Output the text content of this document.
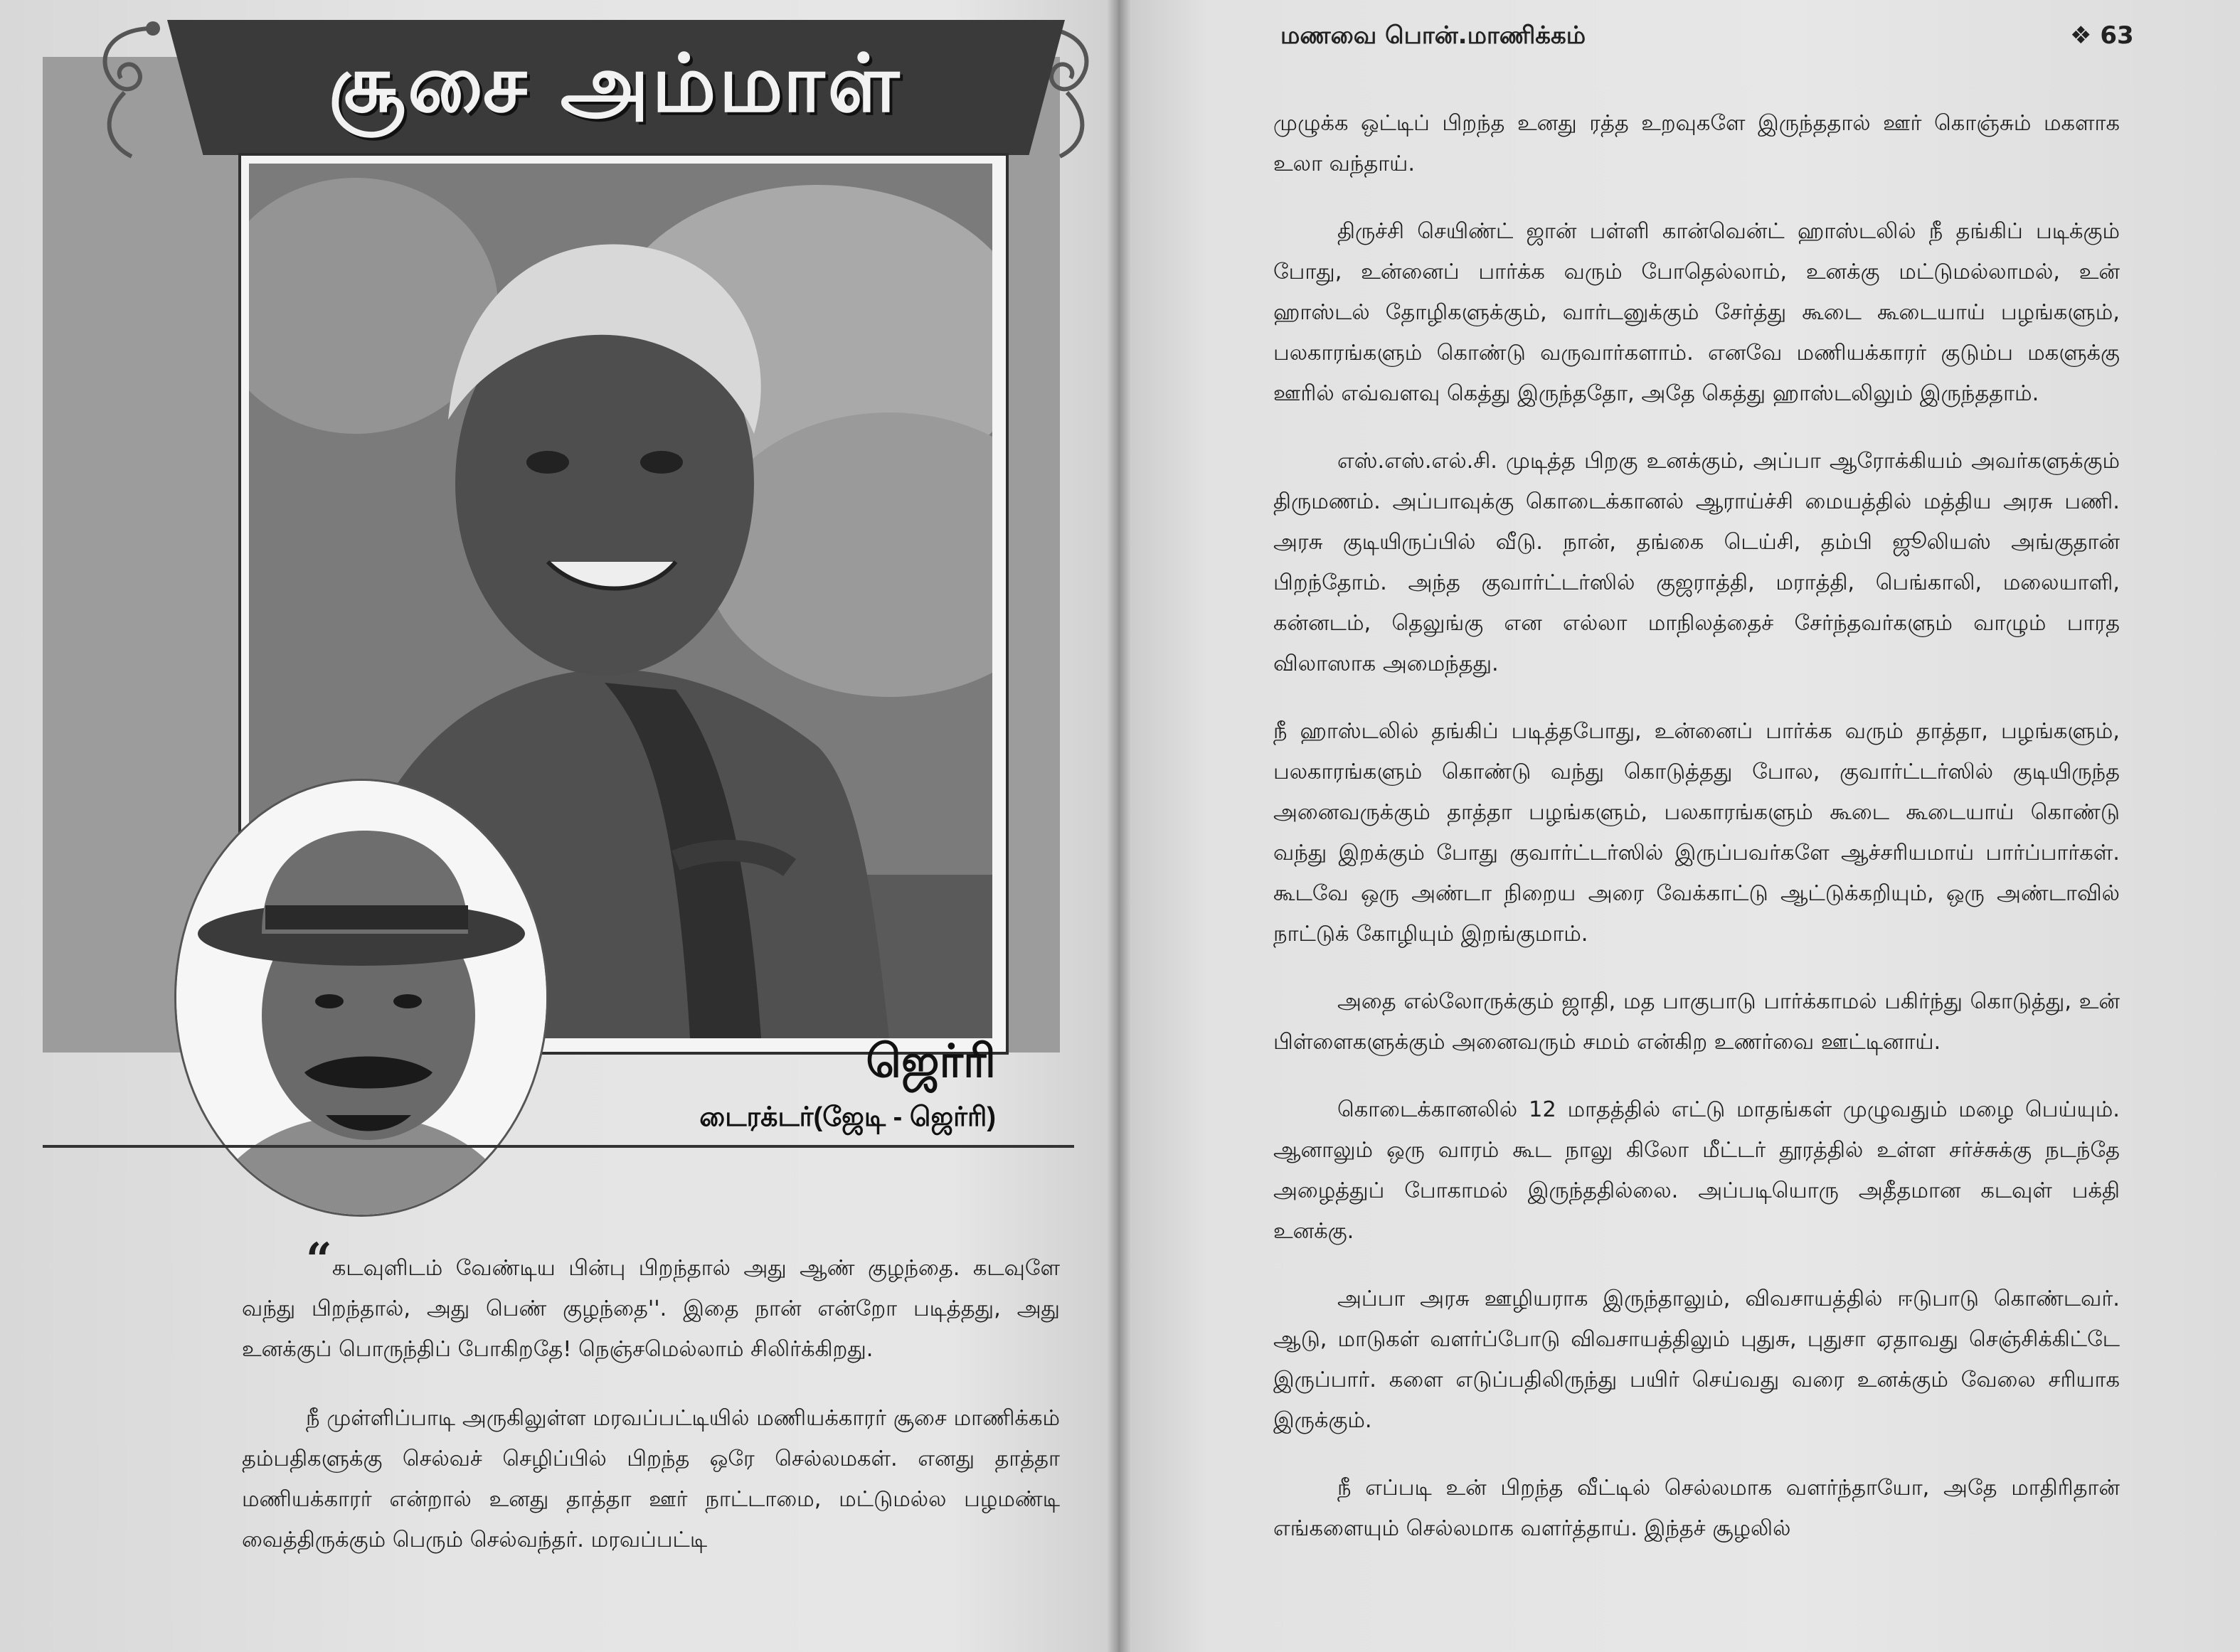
சூசை அம்மாள்
ஜெர்ரி
டைரக்டர்(ஜேடி - ஜெர்ரி)

“கடவுளிடம் வேண்டிய பின்பு பிறந்தால் அது ஆண் குழந்தை. கடவுளே வந்து பிறந்தால், அது பெண் குழந்தை''. இதை நான் என்றோ படித்தது, அது உனக்குப் பொருந்திப் போகிறதே! நெஞ்சமெல்லாம் சிலிர்க்கிறது.

நீ முள்ளிப்பாடி அருகிலுள்ள மரவப்பட்டியில் மணியக்காரர் சூசை மாணிக்கம் தம்பதிகளுக்கு செல்வச் செழிப்பில் பிறந்த ஒரே செல்லமகள். எனது தாத்தா மணியக்காரர் என்றால் உனது தாத்தா ஊர் நாட்டாமை, மட்டுமல்ல பழமண்டி வைத்திருக்கும் பெரும் செல்வந்தர். மரவப்பட்டி

மணவை பொன்.மாணிக்கம்	❖ 63

முழுக்க ஒட்டிப் பிறந்த உனது ரத்த உறவுகளே இருந்ததால் ஊர் கொஞ்சும் மகளாக உலா வந்தாய்.

திருச்சி செயிண்ட் ஜான் பள்ளி கான்வென்ட் ஹாஸ்டலில் நீ தங்கிப் படிக்கும் போது, உன்னைப் பார்க்க வரும் போதெல்லாம், உனக்கு மட்டுமல்லாமல், உன் ஹாஸ்டல் தோழிகளுக்கும், வார்டனுக்கும் சேர்த்து கூடை கூடையாய் பழங்களும், பலகாரங்களும் கொண்டு வருவார்களாம். எனவே மணியக்காரர் குடும்ப மகளுக்கு ஊரில் எவ்வளவு கெத்து இருந்ததோ, அதே கெத்து ஹாஸ்டலிலும் இருந்ததாம்.

எஸ்.எஸ்.எல்.சி. முடித்த பிறகு உனக்கும், அப்பா ஆரோக்கியம் அவர்களுக்கும் திருமணம். அப்பாவுக்கு கொடைக்கானல் ஆராய்ச்சி மையத்தில் மத்திய அரசு பணி. அரசு குடியிருப்பில் வீடு. நான், தங்கை டெய்சி, தம்பி ஜூலியஸ் அங்குதான் பிறந்தோம். அந்த குவார்ட்டர்ஸில் குஜராத்தி, மராத்தி, பெங்காலி, மலையாளி, கன்னடம், தெலுங்கு என எல்லா மாநிலத்தைச் சேர்ந்தவர்களும் வாழும் பாரத விலாஸாக அமைந்தது.

நீ ஹாஸ்டலில் தங்கிப் படித்தபோது, உன்னைப் பார்க்க வரும் தாத்தா, பழங்களும், பலகாரங்களும் கொண்டு வந்து கொடுத்தது போல, குவார்ட்டர்ஸில் குடியிருந்த அனைவருக்கும் தாத்தா பழங்களும், பலகாரங்களும் கூடை கூடையாய் கொண்டு வந்து இறக்கும் போது குவார்ட்டர்ஸில் இருப்பவர்களே ஆச்சரியமாய் பார்ப்பார்கள். கூடவே ஒரு அண்டா நிறைய அரை வேக்காட்டு ஆட்டுக்கறியும், ஒரு அண்டாவில் நாட்டுக் கோழியும் இறங்குமாம்.

அதை எல்லோருக்கும் ஜாதி, மத பாகுபாடு பார்க்காமல் பகிர்ந்து கொடுத்து, உன் பிள்ளைகளுக்கும் அனைவரும் சமம் என்கிற உணர்வை ஊட்டினாய்.

கொடைக்கானலில் 12 மாதத்தில் எட்டு மாதங்கள் முழுவதும் மழை பெய்யும். ஆனாலும் ஒரு வாரம் கூட நாலு கிலோ மீட்டர் தூரத்தில் உள்ள சர்ச்சுக்கு நடந்தே அழைத்துப் போகாமல் இருந்ததில்லை. அப்படியொரு அதீதமான கடவுள் பக்தி உனக்கு.

அப்பா அரசு ஊழியராக இருந்தாலும், விவசாயத்தில் ஈடுபாடு கொண்டவர். ஆடு, மாடுகள் வளர்ப்போடு விவசாயத்திலும் புதுசு, புதுசா ஏதாவது செஞ்சிக்கிட்டே இருப்பார். களை எடுப்பதிலிருந்து பயிர் செய்வது வரை உனக்கும் வேலை சரியாக இருக்கும்.

நீ எப்படி உன் பிறந்த வீட்டில் செல்லமாக வளர்ந்தாயோ, அதே மாதிரிதான் எங்களையும் செல்லமாக வளர்த்தாய். இந்தச் சூழலில்
